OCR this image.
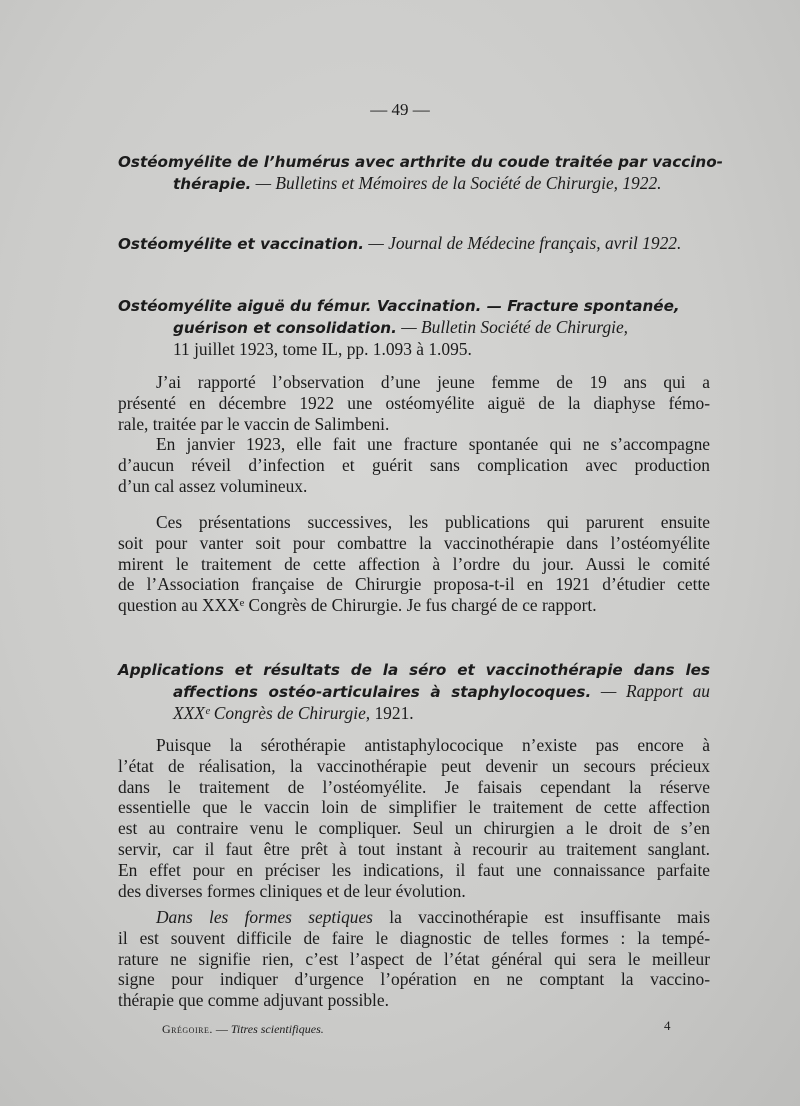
— 49 —
Ostéomyélite de l’humérus avec arthrite du coude traitée par vaccino-
thérapie. — Bulletins et Mémoires de la Société de Chirurgie, 1922.
Ostéomyélite et vaccination. — Journal de Médecine français, avril 1922.
Ostéomyélite aiguë du fémur. Vaccination. — Fracture spontanée,
guérison et consolidation. — Bulletin Société de Chirurgie,
11 juillet 1923, tome IL, pp. 1.093 à 1.095.
J’ai rapporté l’observation d’une jeune femme de 19 ans qui a
présenté en décembre 1922 une ostéomyélite aiguë de la diaphyse fémo-
rale, traitée par le vaccin de Salimbeni.
En janvier 1923, elle fait une fracture spontanée qui ne s’accompagne
d’aucun réveil d’infection et guérit sans complication avec production
d’un cal assez volumineux.
Ces présentations successives, les publications qui parurent ensuite
soit pour vanter soit pour combattre la vaccinothérapie dans l’ostéomyélite
mirent le traitement de cette affection à l’ordre du jour. Aussi le comité
de l’Association française de Chirurgie proposa-t-il en 1921 d’étudier cette
question au XXXᵉ Congrès de Chirurgie. Je fus chargé de ce rapport.
Applications et résultats de la séro et vaccinothérapie dans les
affections ostéo-articulaires à staphylocoques. — Rapport au
XXXᵉ Congrès de Chirurgie, 1921.
Puisque la sérothérapie antistaphylococique n’existe pas encore à
l’état de réalisation, la vaccinothérapie peut devenir un secours précieux
dans le traitement de l’ostéomyélite. Je faisais cependant la réserve
essentielle que le vaccin loin de simplifier le traitement de cette affection
est au contraire venu le compliquer. Seul un chirurgien a le droit de s’en
servir, car il faut être prêt à tout instant à recourir au traitement sanglant.
En effet pour en préciser les indications, il faut une connaissance parfaite
des diverses formes cliniques et de leur évolution.
Dans les formes septiques la vaccinothérapie est insuffisante mais
il est souvent difficile de faire le diagnostic de telles formes : la tempé-
rature ne signifie rien, c’est l’aspect de l’état général qui sera le meilleur
signe pour indiquer d’urgence l’opération en ne comptant la vaccino-
thérapie que comme adjuvant possible.
Grégoire. — Titres scientifiques.	4
